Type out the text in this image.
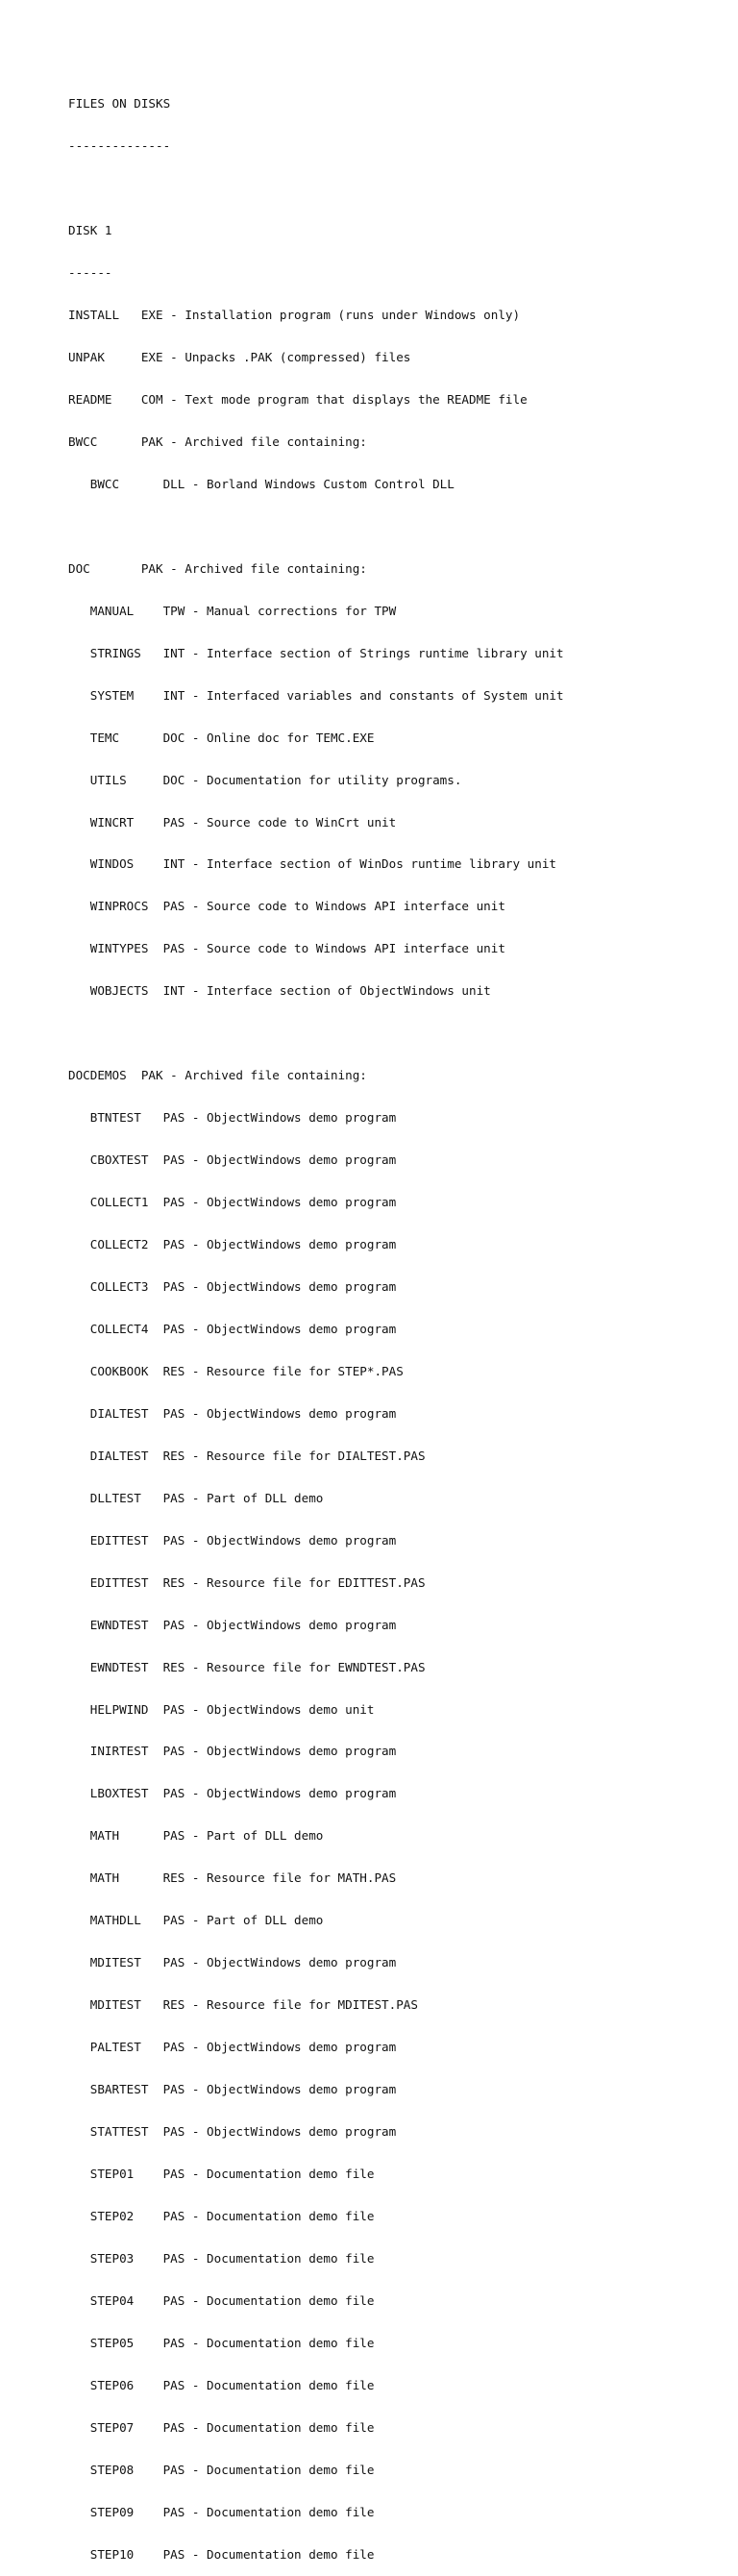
FILES ON DISKS

--------------

DISK 1

------

INSTALL   EXE - Installation program (runs under Windows only)

UNPAK     EXE - Unpacks .PAK (compressed) files

README    COM - Text mode program that displays the README file

BWCC      PAK - Archived file containing:

BWCC      DLL - Borland Windows Custom Control DLL

DOC       PAK - Archived file containing:

MANUAL    TPW - Manual corrections for TPW

STRINGS   INT - Interface section of Strings runtime library unit

SYSTEM    INT - Interfaced variables and constants of System unit

TEMC      DOC - Online doc for TEMC.EXE

UTILS     DOC - Documentation for utility programs.

WINCRT    PAS - Source code to WinCrt unit

WINDOS    INT - Interface section of WinDos runtime library unit

WINPROCS  PAS - Source code to Windows API interface unit

WINTYPES  PAS - Source code to Windows API interface unit

WOBJECTS  INT - Interface section of ObjectWindows unit

DOCDEMOS  PAK - Archived file containing:

BTNTEST   PAS - ObjectWindows demo program

CBOXTEST  PAS - ObjectWindows demo program

COLLECT1  PAS - ObjectWindows demo program

COLLECT2  PAS - ObjectWindows demo program

COLLECT3  PAS - ObjectWindows demo program

COLLECT4  PAS - ObjectWindows demo program

COOKBOOK  RES - Resource file for STEP*.PAS

DIALTEST  PAS - ObjectWindows demo program

DIALTEST  RES - Resource file for DIALTEST.PAS

DLLTEST   PAS - Part of DLL demo

EDITTEST  PAS - ObjectWindows demo program

EDITTEST  RES - Resource file for EDITTEST.PAS

EWNDTEST  PAS - ObjectWindows demo program

EWNDTEST  RES - Resource file for EWNDTEST.PAS

HELPWIND  PAS - ObjectWindows demo unit

INIRTEST  PAS - ObjectWindows demo program

LBOXTEST  PAS - ObjectWindows demo program

MATH      PAS - Part of DLL demo

MATH      RES - Resource file for MATH.PAS

MATHDLL   PAS - Part of DLL demo

MDITEST   PAS - ObjectWindows demo program

MDITEST   RES - Resource file for MDITEST.PAS

PALTEST   PAS - ObjectWindows demo program

SBARTEST  PAS - ObjectWindows demo program

STATTEST  PAS - ObjectWindows demo program

STEP01    PAS - Documentation demo file

STEP02    PAS - Documentation demo file

STEP03    PAS - Documentation demo file

STEP04    PAS - Documentation demo file

STEP05    PAS - Documentation demo file

STEP06    PAS - Documentation demo file

STEP07    PAS - Documentation demo file

STEP08    PAS - Documentation demo file

STEP09    PAS - Documentation demo file

STEP10    PAS - Documentation demo file
